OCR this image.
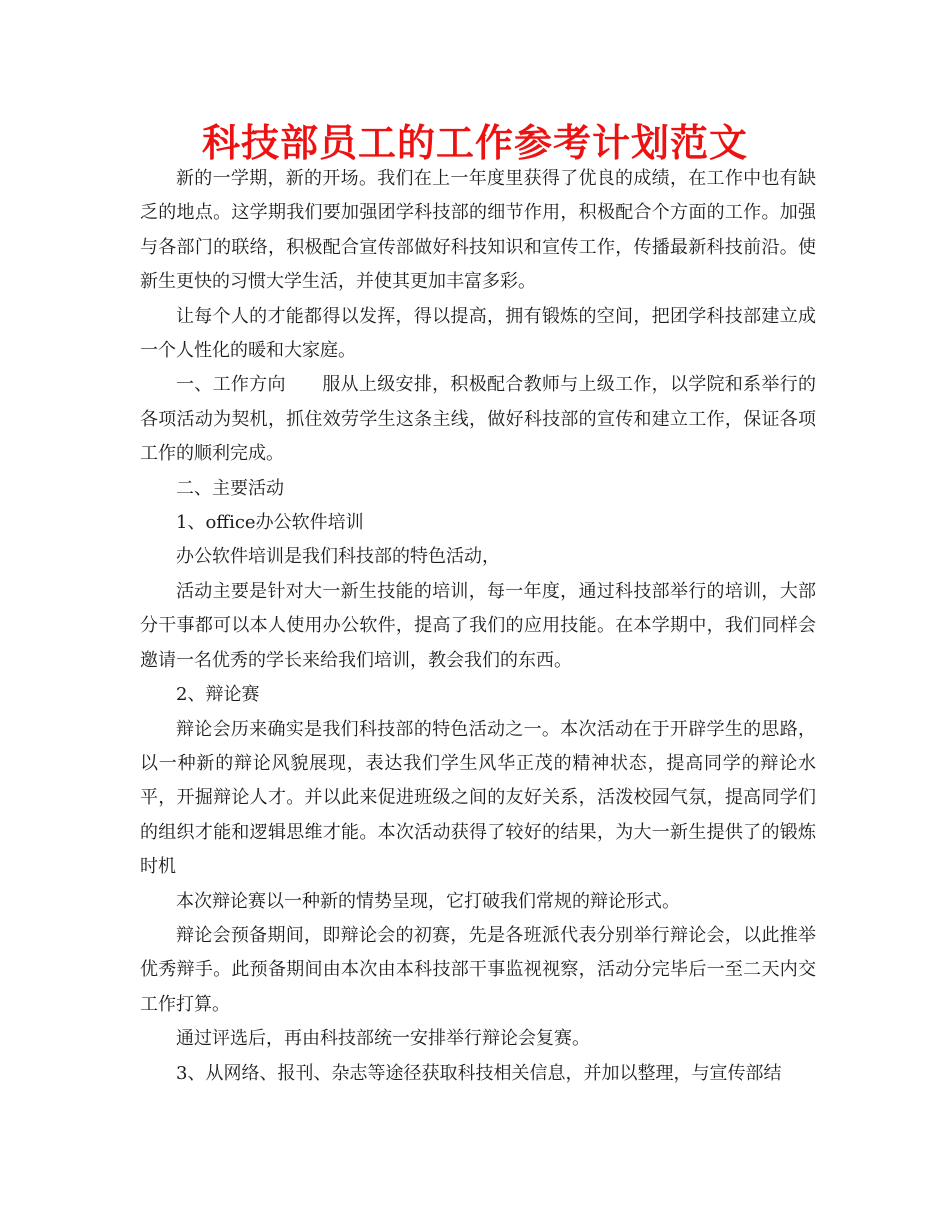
科技部员工的工作参考计划范文

新的一学期，新的开场。我们在上一年度里获得了优良的成绩，在工作中也有缺乏的地点。这学期我们要加强团学科技部的细节作用，积极配合个方面的工作。加强与各部门的联络，积极配合宣传部做好科技知识和宣传工作，传播最新科技前沿。使新生更快的习惯大学生活，并使其更加丰富多彩。

让每个人的才能都得以发挥，得以提高，拥有锻炼的空间，把团学科技部建立成一个人性化的暖和大家庭。

一、工作方向　　服从上级安排，积极配合教师与上级工作，以学院和系举行的各项活动为契机，抓住效劳学生这条主线，做好科技部的宣传和建立工作，保证各项工作的顺利完成。

二、主要活动

1、office办公软件培训

办公软件培训是我们科技部的特色活动，

活动主要是针对大一新生技能的培训，每一年度，通过科技部举行的培训，大部分干事都可以本人使用办公软件，提高了我们的应用技能。在本学期中，我们同样会邀请一名优秀的学长来给我们培训，教会我们的东西。

2、辩论赛

辩论会历来确实是我们科技部的特色活动之一。本次活动在于开辟学生的思路，以一种新的辩论风貌展现，表达我们学生风华正茂的精神状态，提高同学的辩论水平，开掘辩论人才。并以此来促进班级之间的友好关系，活泼校园气氛，提高同学们的组织才能和逻辑思维才能。本次活动获得了较好的结果，为大一新生提供了的锻炼时机

本次辩论赛以一种新的情势呈现，它打破我们常规的辩论形式。

辩论会预备期间，即辩论会的初赛，先是各班派代表分别举行辩论会，以此推举优秀辩手。此预备期间由本次由本科技部干事监视视察，活动分完毕后一至二天内交工作打算。

通过评选后，再由科技部统一安排举行辩论会复赛。

3、从网络、报刊、杂志等途径获取科技相关信息，并加以整理，与宣传部结
